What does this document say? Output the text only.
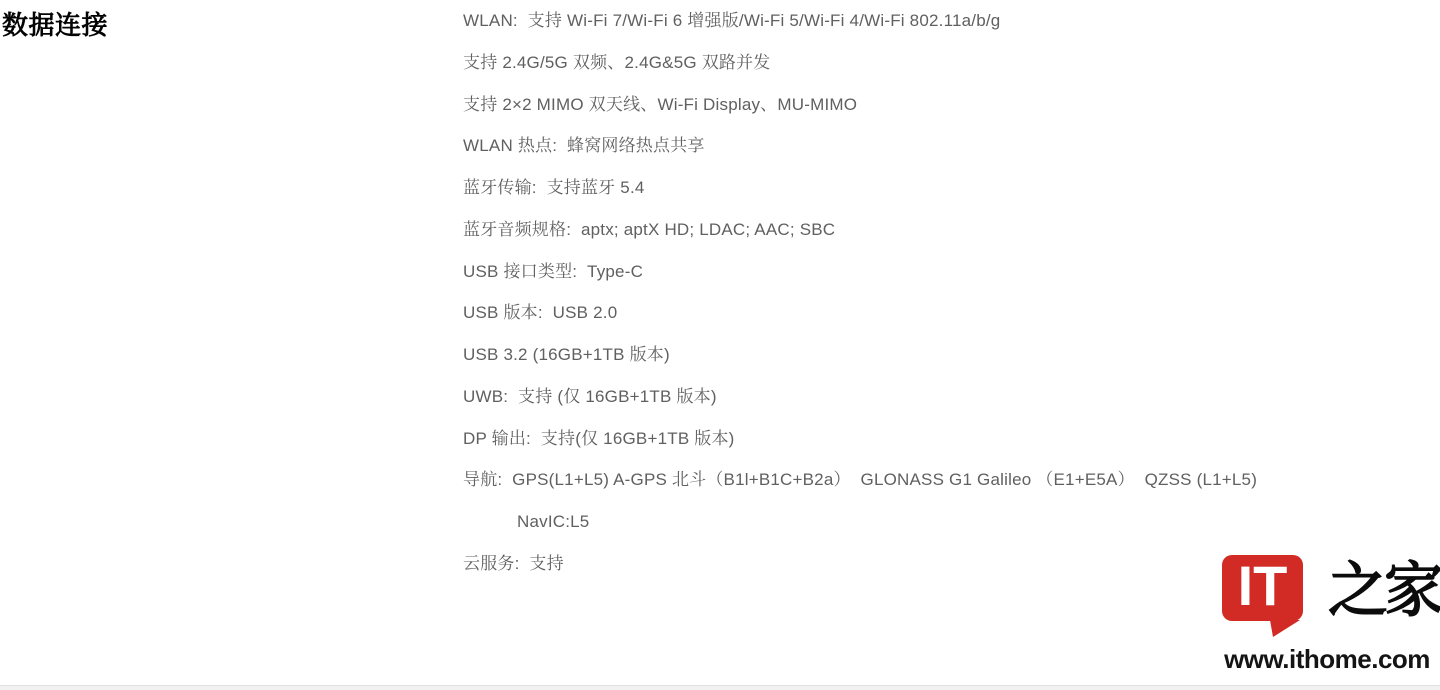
数据连接	WLAN:  支持 Wi-Fi 7/Wi-Fi 6 增强版/Wi-Fi 5/Wi-Fi 4/Wi-Fi 802.11a/b/g
支持 2.4G/5G 双频、2.4G&5G 双路并发
支持 2×2 MIMO 双天线、Wi-Fi Display、MU-MIMO
WLAN 热点:  蜂窝网络热点共享
蓝牙传输:  支持蓝牙 5.4
蓝牙音频规格:  aptx; aptX HD; LDAC; AAC; SBC
USB 接口类型:  Type-C
USB 版本:  USB 2.0
USB 3.2 (16GB+1TB 版本)
UWB:  支持 (仅 16GB+1TB 版本)
DP 输出:  支持(仅 16GB+1TB 版本)
导航:  GPS(L1+L5) A-GPS 北斗（B1l+B1C+B2a）  GLONASS G1 Galileo （E1+E5A）  QZSS (L1+L5)
NavIC:L5
云服务:  支持	IT 之家
www.ithome.com
